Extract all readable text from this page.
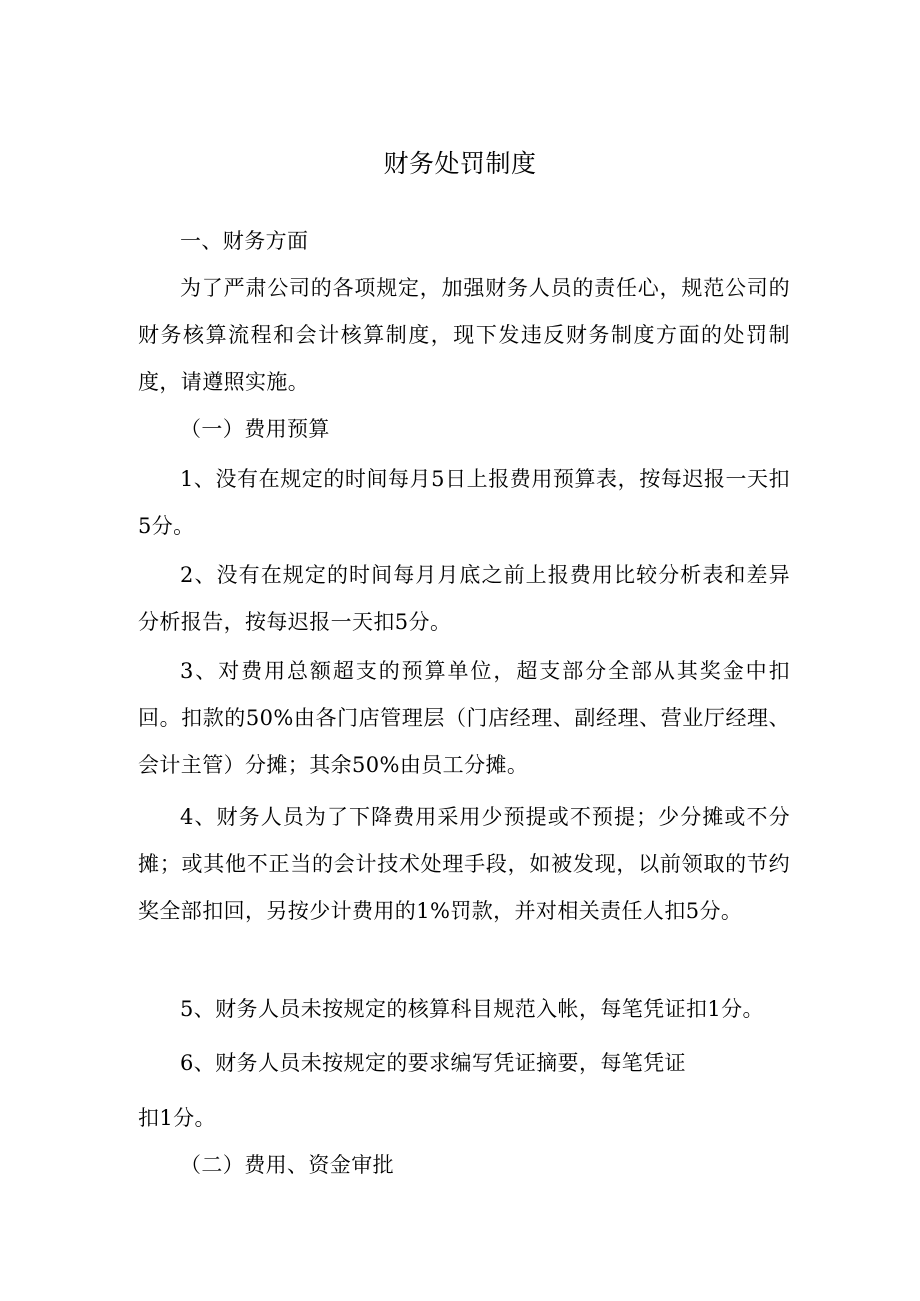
财务处罚制度

一、财务方面

为了严肃公司的各项规定，加强财务人员的责任心，规范公司的财务核算流程和会计核算制度，现下发违反财务制度方面的处罚制度，请遵照实施。

（一）费用预算

1、没有在规定的时间每月5日上报费用预算表，按每迟报一天扣5分。

2、没有在规定的时间每月月底之前上报费用比较分析表和差异分析报告，按每迟报一天扣5分。

3、对费用总额超支的预算单位，超支部分全部从其奖金中扣回。扣款的50%由各门店管理层（门店经理、副经理、营业厅经理、会计主管）分摊；其余50%由员工分摊。

4、财务人员为了下降费用采用少预提或不预提；少分摊或不分摊；或其他不正当的会计技术处理手段，如被发现，以前领取的节约奖全部扣回，另按少计费用的1%罚款，并对相关责任人扣5分。

5、财务人员未按规定的核算科目规范入帐，每笔凭证扣1分。

6、财务人员未按规定的要求编写凭证摘要，每笔凭证

扣1分。

（二）费用、资金审批
